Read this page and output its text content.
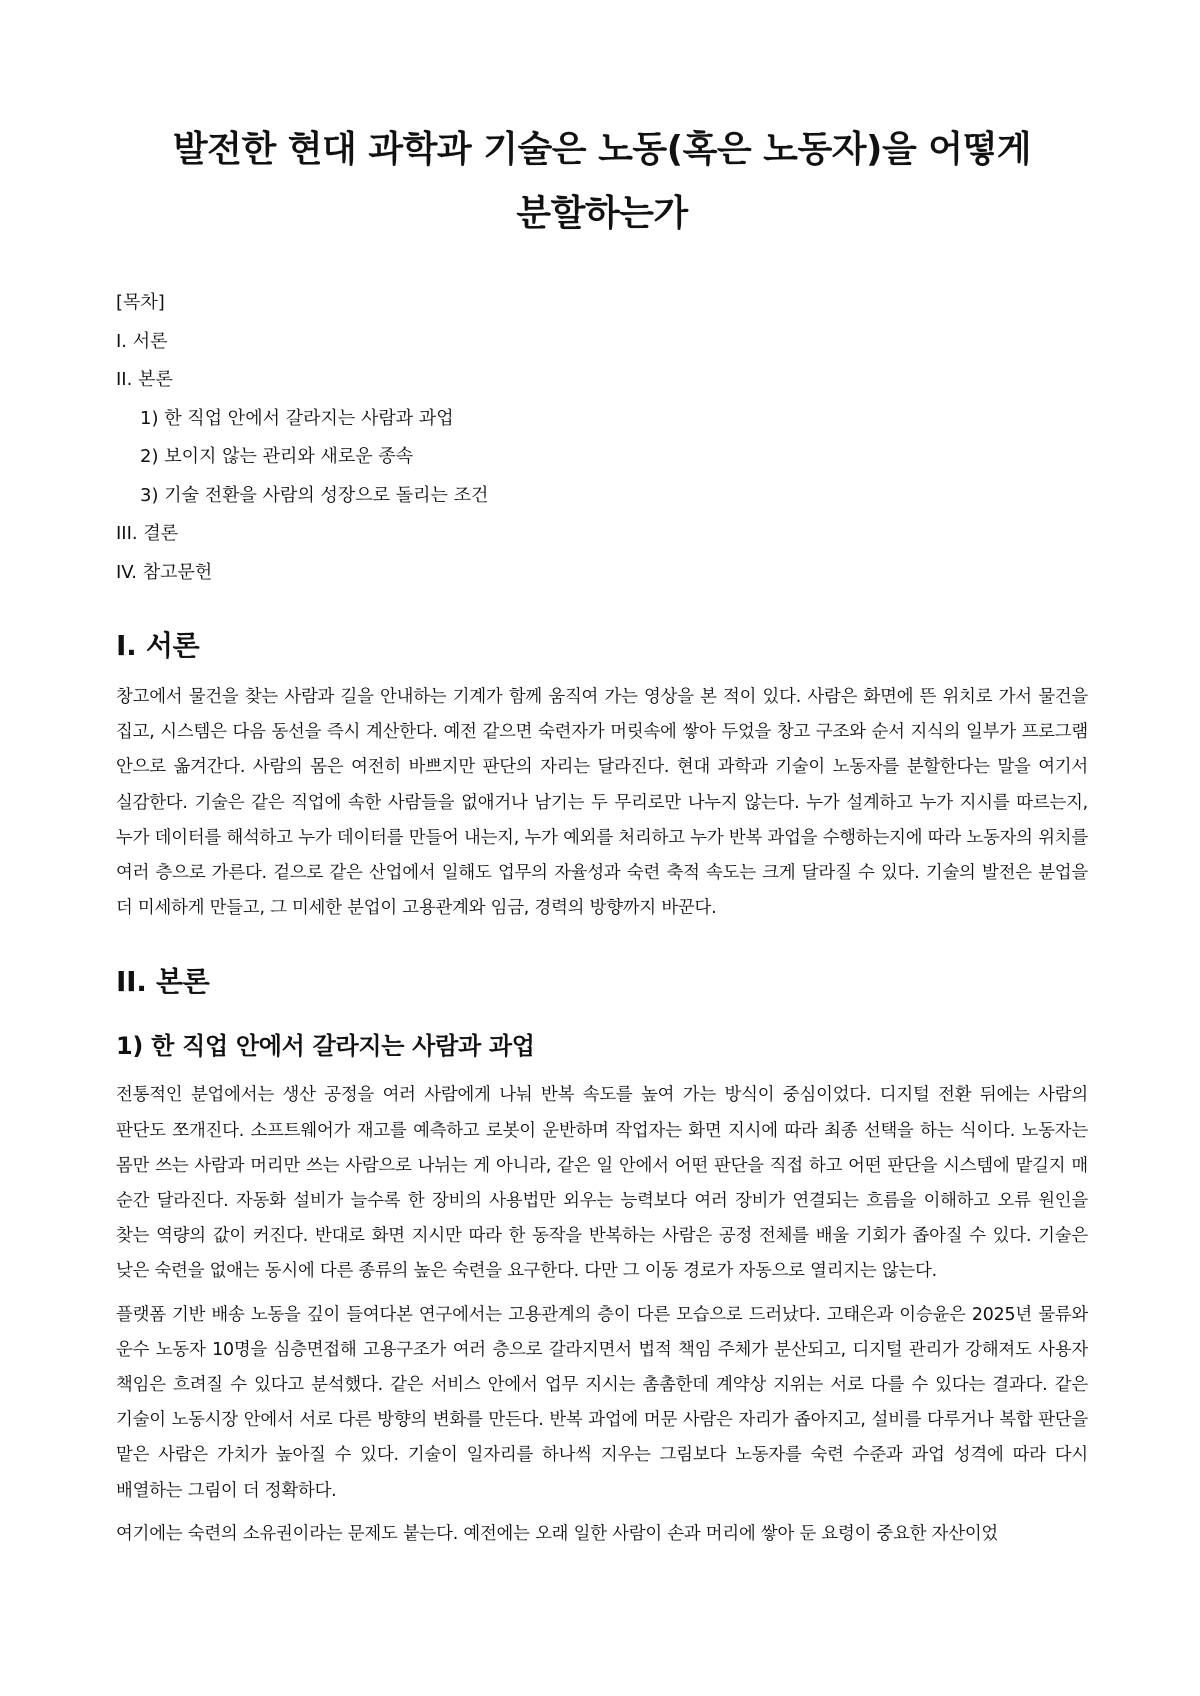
발전한 현대 과학과 기술은 노동(혹은 노동자)을 어떻게 분할하는가
[목차]
I. 서론
II. 본론
1) 한 직업 안에서 갈라지는 사람과 과업
2) 보이지 않는 관리와 새로운 종속
3) 기술 전환을 사람의 성장으로 돌리는 조건
III. 결론
IV. 참고문헌
I. 서론

창고에서 물건을 찾는 사람과 길을 안내하는 기계가 함께 움직여 가는 영상을 본 적이 있다. 사람은 화면에 뜬 위치로 가서 물건을 집고, 시스템은 다음 동선을 즉시 계산한다. 예전 같으면 숙련자가 머릿속에 쌓아 두었을 창고 구조와 순서 지식의 일부가 프로그램 안으로 옮겨간다. 사람의 몸은 여전히 바쁘지만 판단의 자리는 달라진다. 현대 과학과 기술이 노동자를 분할한다는 말을 여기서 실감한다. 기술은 같은 직업에 속한 사람들을 없애거나 남기는 두 무리로만 나누지 않는다. 누가 설계하고 누가 지시를 따르는지, 누가 데이터를 해석하고 누가 데이터를 만들어 내는지, 누가 예외를 처리하고 누가 반복 과업을 수행하는지에 따라 노동자의 위치를 여러 층으로 가른다. 겉으로 같은 산업에서 일해도 업무의 자율성과 숙련 축적 속도는 크게 달라질 수 있다. 기술의 발전은 분업을 더 미세하게 만들고, 그 미세한 분업이 고용관계와 임금, 경력의 방향까지 바꾼다.

II. 본론
1) 한 직업 안에서 갈라지는 사람과 과업

전통적인 분업에서는 생산 공정을 여러 사람에게 나눠 반복 속도를 높여 가는 방식이 중심이었다. 디지털 전환 뒤에는 사람의 판단도 쪼개진다. 소프트웨어가 재고를 예측하고 로봇이 운반하며 작업자는 화면 지시에 따라 최종 선택을 하는 식이다. 노동자는 몸만 쓰는 사람과 머리만 쓰는 사람으로 나뉘는 게 아니라, 같은 일 안에서 어떤 판단을 직접 하고 어떤 판단을 시스템에 맡길지 매 순간 달라진다. 자동화 설비가 늘수록 한 장비의 사용법만 외우는 능력보다 여러 장비가 연결되는 흐름을 이해하고 오류 원인을 찾는 역량의 값이 커진다. 반대로 화면 지시만 따라 한 동작을 반복하는 사람은 공정 전체를 배울 기회가 좁아질 수 있다. 기술은 낮은 숙련을 없애는 동시에 다른 종류의 높은 숙련을 요구한다. 다만 그 이동 경로가 자동으로 열리지는 않는다.

플랫폼 기반 배송 노동을 깊이 들여다본 연구에서는 고용관계의 층이 다른 모습으로 드러났다. 고태은과 이승윤은 2025년 물류와 운수 노동자 10명을 심층면접해 고용구조가 여러 층으로 갈라지면서 법적 책임 주체가 분산되고, 디지털 관리가 강해져도 사용자 책임은 흐려질 수 있다고 분석했다. 같은 서비스 안에서 업무 지시는 촘촘한데 계약상 지위는 서로 다를 수 있다는 결과다. 같은 기술이 노동시장 안에서 서로 다른 방향의 변화를 만든다. 반복 과업에 머문 사람은 자리가 좁아지고, 설비를 다루거나 복합 판단을 맡은 사람은 가치가 높아질 수 있다. 기술이 일자리를 하나씩 지우는 그림보다 노동자를 숙련 수준과 과업 성격에 따라 다시 배열하는 그림이 더 정확하다.

여기에는 숙련의 소유권이라는 문제도 붙는다. 예전에는 오래 일한 사람이 손과 머리에 쌓아 둔 요령이 중요한 자산이었
